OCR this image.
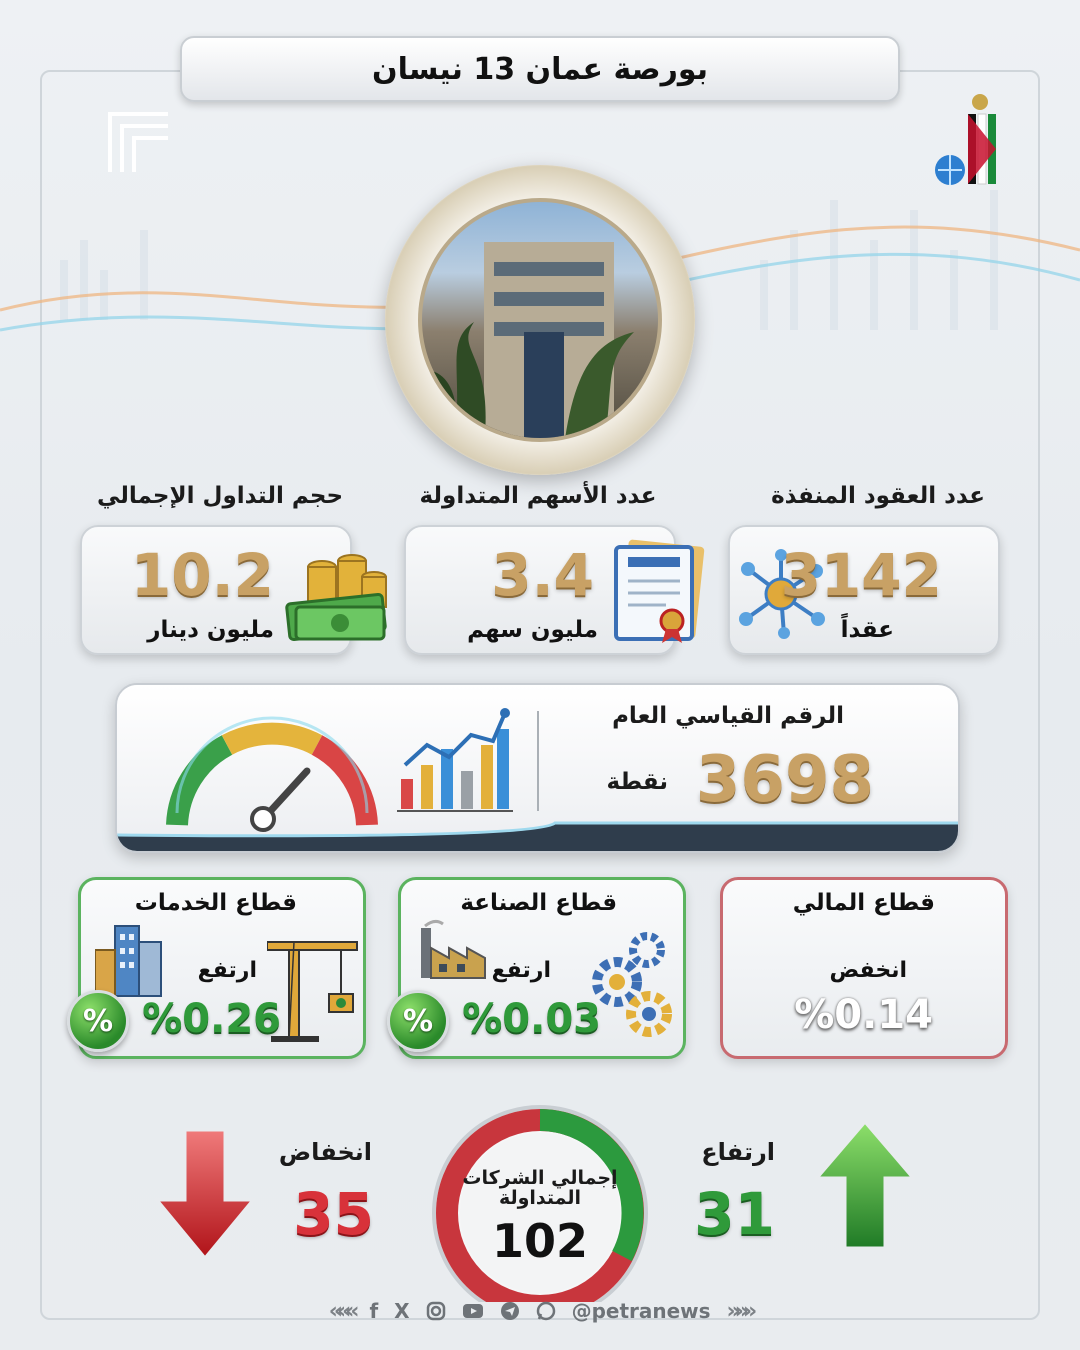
بورصة عمان 13 نيسان
عدد العقود المنفذة
عدد الأسهم المتداولة
حجم التداول الإجمالي
3142
عقداً
3.4
مليون سهم
10.2
مليون دينار
الرقم القياسي العام
3698
نقطة
قطاع المالي
انخفض
%0.14
قطاع الصناعة
ارتفع
%0.03
%
قطاع الخدمات
ارتفع
%0.26
%
إجمالي الشركات المتداولة
102
ارتفاع
31
انخفاض
35
««« f X	@petranews »»»
